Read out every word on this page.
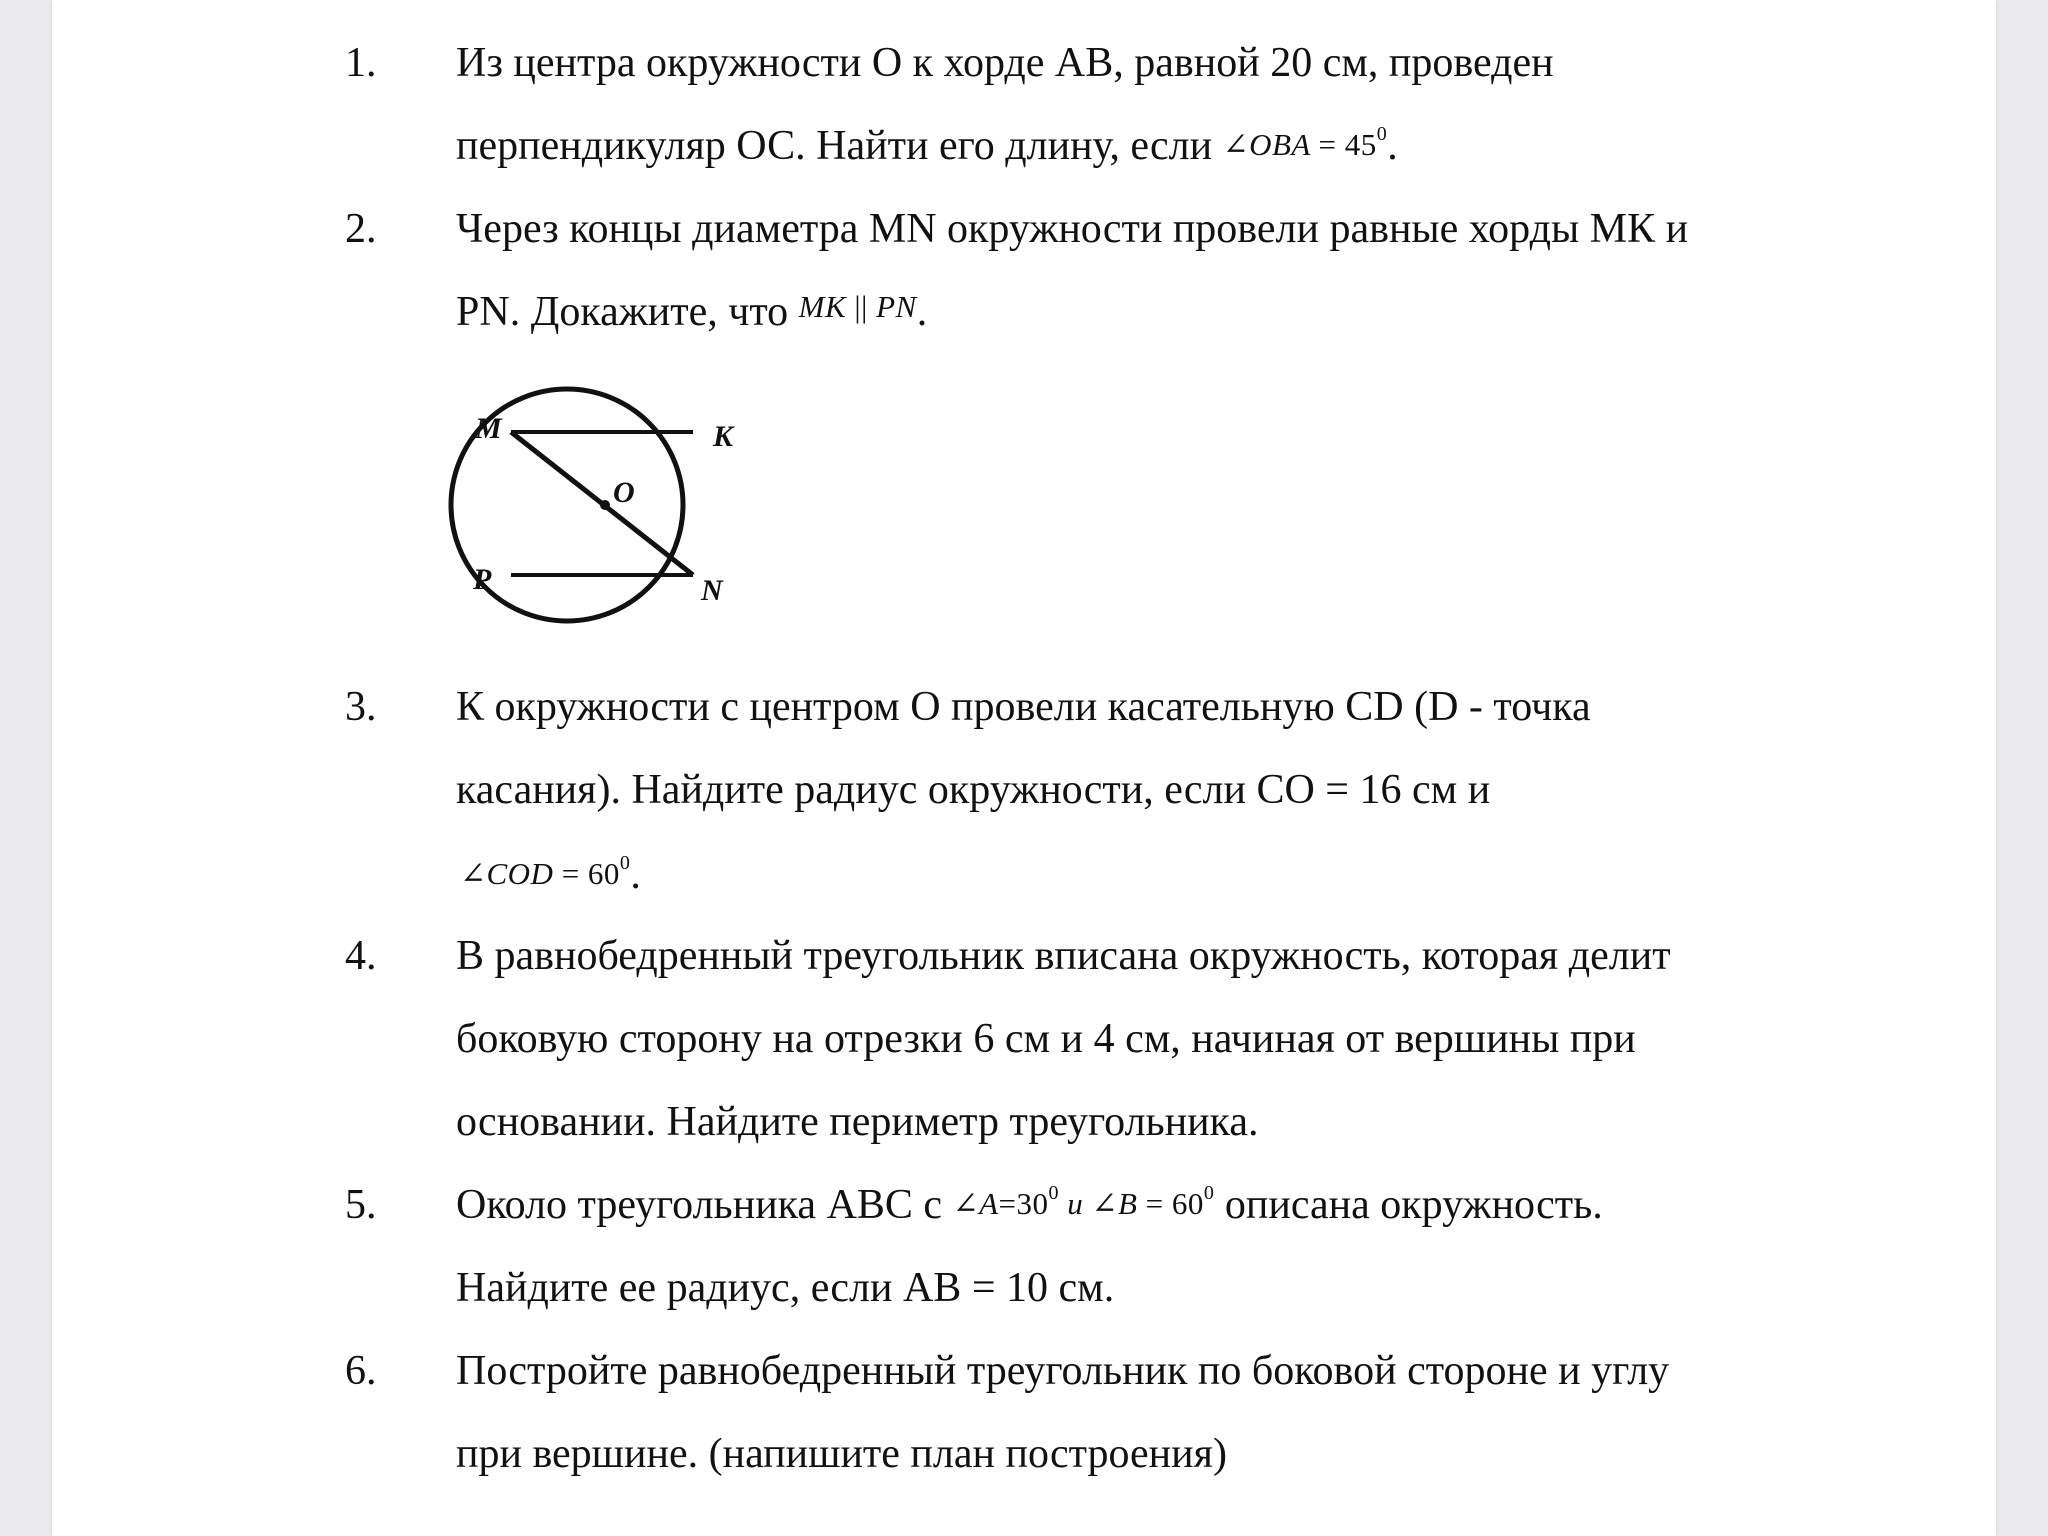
1. Из центра окружности О к хорде АВ, равной 20 см, проведен
перпендикуляр ОС. Найти его длину, если ∠OBA = $45^0$.
2. Через концы диаметра MN окружности провели равные хорды МК и
PN. Докажите, что MK || PN.
M	K
O
P	N
3. К окружности с центром О провели касательную CD (D - точка
касания). Найдите радиус окружности, если СО = 16 см и
∠COD = $60^0$.
4. В равнобедренный треугольник вписана окружность, которая делит
боковую сторону на отрезки 6 см и 4 см, начиная от вершины при
основании. Найдите периметр треугольника.
5. Около треугольника АВС с $\angle A=30^0$ и ∠B = $60^0$ описана окружность.
Найдите ее радиус, если АВ = 10 см.
6. Постройте равнобедренный треугольник по боковой стороне и углу
при вершине. (напишите план построения)
